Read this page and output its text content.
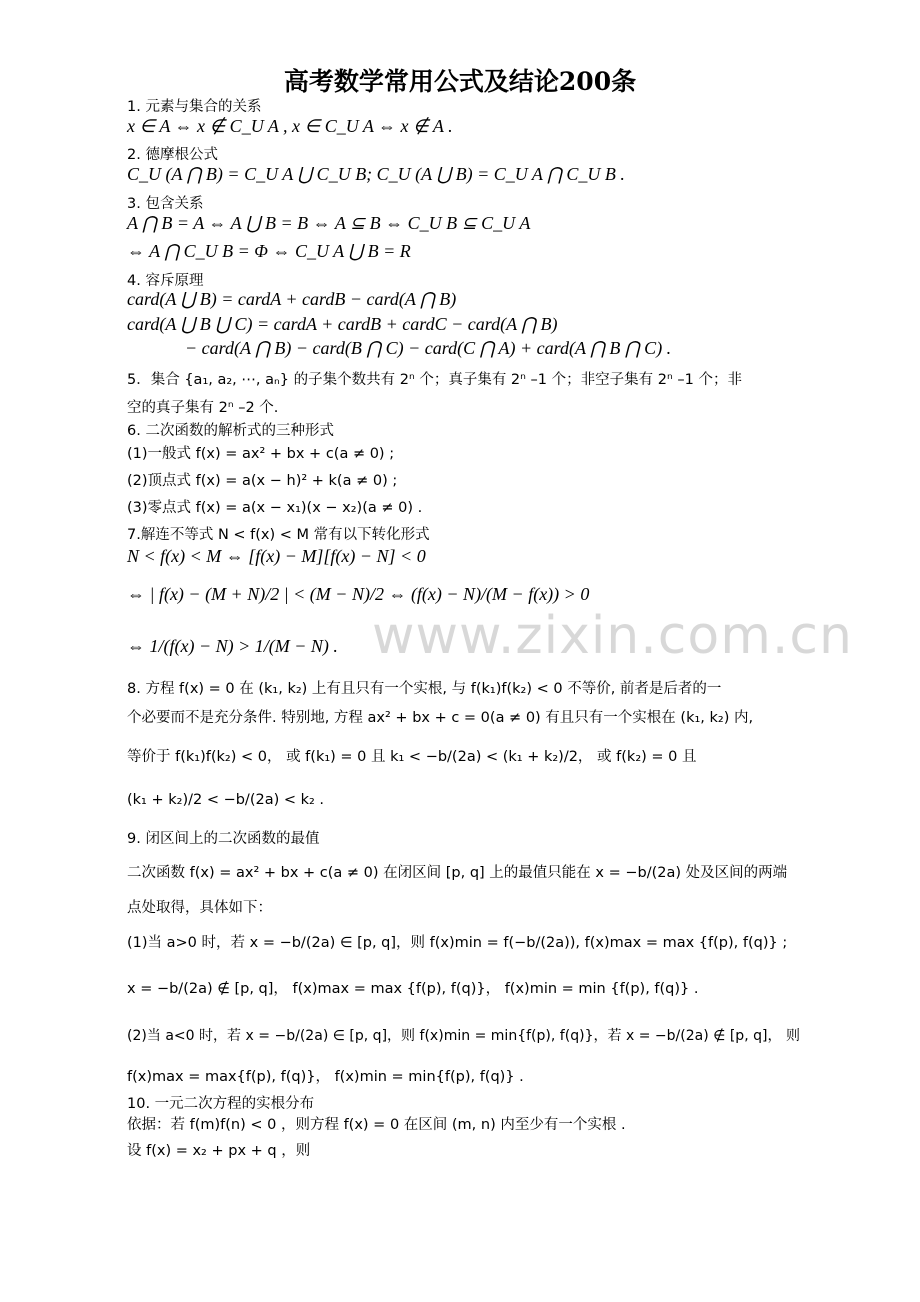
www.zixin.com.cn
高考数学常用公式及结论200条
1. 元素与集合的关系
x ∈ A ⇔ x ∉ C_U A , x ∈ C_U A ⇔ x ∉ A .
2. 德摩根公式
C_U (A ⋂ B) = C_U A ⋃ C_U B; C_U (A ⋃ B) = C_U A ⋂ C_U B .
3. 包含关系
A ⋂ B = A ⇔ A ⋃ B = B ⇔ A ⊆ B ⇔ C_U B ⊆ C_U A
⇔ A ⋂ C_U B = Φ ⇔ C_U A ⋃ B = R
4. 容斥原理
card(A ⋃ B) = cardA + cardB − card(A ⋂ B)
card(A ⋃ B ⋃ C) = cardA + cardB + cardC − card(A ⋂ B)
− card(A ⋂ B) − card(B ⋂ C) − card(C ⋂ A) + card(A ⋂ B ⋂ C) .
5．集合 {a₁, a₂, ⋯, aₙ} 的子集个数共有 2ⁿ 个；真子集有 2ⁿ –1 个；非空子集有 2ⁿ –1 个；非
空的真子集有 2ⁿ –2 个.
6. 二次函数的解析式的三种形式
(1)一般式 f(x) = ax² + bx + c(a ≠ 0) ;
(2)顶点式 f(x) = a(x − h)² + k(a ≠ 0) ;
(3)零点式 f(x) = a(x − x₁)(x − x₂)(a ≠ 0) .
7.解连不等式 N < f(x) < M 常有以下转化形式
N < f(x) < M ⇔ [f(x) − M][f(x) − N] < 0
⇔ | f(x) − (M + N)/2 | < (M − N)/2 ⇔ (f(x) − N)/(M − f(x)) > 0
⇔ 1/(f(x) − N) > 1/(M − N) .
8. 方程 f(x) = 0 在 (k₁, k₂) 上有且只有一个实根, 与 f(k₁)f(k₂) < 0 不等价, 前者是后者的一
个必要而不是充分条件. 特别地, 方程 ax² + bx + c = 0(a ≠ 0) 有且只有一个实根在 (k₁, k₂) 内,
等价于 f(k₁)f(k₂) < 0， 或 f(k₁) = 0 且 k₁ < −b/(2a) < (k₁ + k₂)/2， 或 f(k₂) = 0 且
(k₁ + k₂)/2 < −b/(2a) < k₂ .
9. 闭区间上的二次函数的最值
二次函数 f(x) = ax² + bx + c(a ≠ 0) 在闭区间 [p, q] 上的最值只能在 x = −b/(2a) 处及区间的两端
点处取得，具体如下：
(1)当 a>0 时，若 x = −b/(2a) ∈ [p, q]，则 f(x)min = f(−b/(2a)), f(x)max = max {f(p), f(q)} ;
x = −b/(2a) ∉ [p, q]， f(x)max = max {f(p), f(q)}， f(x)min = min {f(p), f(q)} .
(2)当 a<0 时，若 x = −b/(2a) ∈ [p, q]，则 f(x)min = min{f(p), f(q)}，若 x = −b/(2a) ∉ [p, q]， 则
f(x)max = max{f(p), f(q)}， f(x)min = min{f(p), f(q)} .
10. 一元二次方程的实根分布
依据：若 f(m)f(n) < 0 ，则方程 f(x) = 0 在区间 (m, n) 内至少有一个实根 .
设 f(x) = x₂ + px + q ，则
